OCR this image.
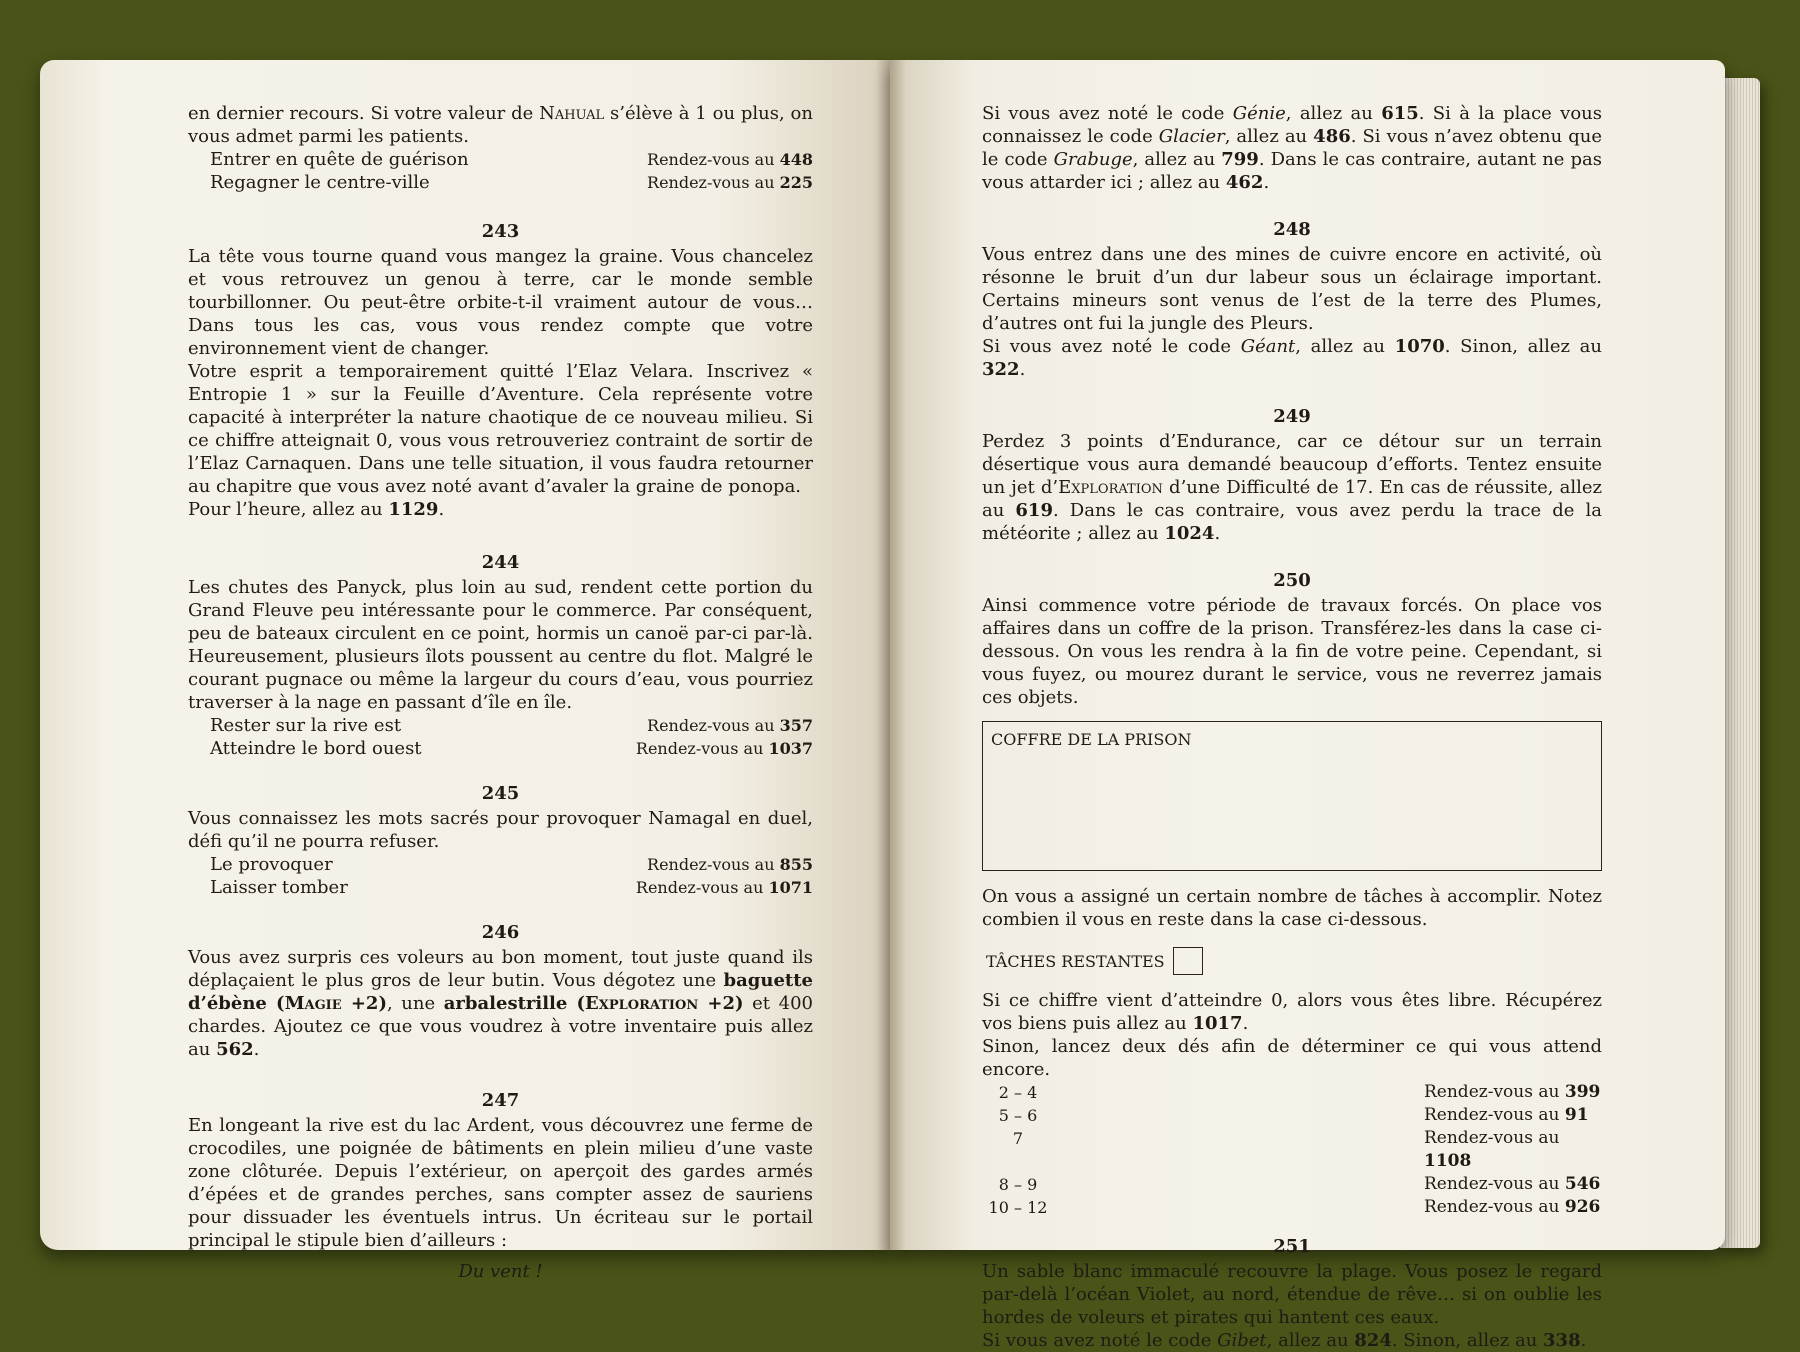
en dernier recours. Si votre valeur de Nahual s’élève à 1 ou plus, on vous admet parmi les patients.

Entrer en quête de guérison	Rendez-vous au 448
Regagner le centre-ville	Rendez-vous au 225
243

La tête vous tourne quand vous mangez la graine. Vous chancelez et vous retrouvez un genou à terre, car le monde semble tourbillonner. Ou peut-être orbite-t-il vraiment autour de vous… Dans tous les cas, vous vous rendez compte que votre environnement vient de changer.

Votre esprit a temporairement quitté l’Elaz Velara. Inscrivez « Entropie 1 » sur la Feuille d’Aventure. Cela représente votre capacité à interpréter la nature chaotique de ce nouveau milieu. Si ce chiffre atteignait 0, vous vous retrouveriez contraint de sortir de l’Elaz Carnaquen. Dans une telle situation, il vous faudra retourner au chapitre que vous avez noté avant d’avaler la graine de ponopa.

Pour l’heure, allez au 1129.

244

Les chutes des Panyck, plus loin au sud, rendent cette portion du Grand Fleuve peu intéressante pour le commerce. Par conséquent, peu de bateaux circulent en ce point, hormis un canoë par-ci par-là. Heureusement, plusieurs îlots poussent au centre du flot. Malgré le courant pugnace ou même la largeur du cours d’eau, vous pourriez traverser à la nage en passant d’île en île.

Rester sur la rive est	Rendez-vous au 357
Atteindre le bord ouest	Rendez-vous au 1037
245

Vous connaissez les mots sacrés pour provoquer Namagal en duel, défi qu’il ne pourra refuser.

Le provoquer	Rendez-vous au 855
Laisser tomber	Rendez-vous au 1071
246

Vous avez surpris ces voleurs au bon moment, tout juste quand ils déplaçaient le plus gros de leur butin. Vous dégotez une baguette d’ébène (Magie +2), une arbalestrille (Exploration +2) et 400 chardes. Ajoutez ce que vous voudrez à votre inventaire puis allez au 562.

247

En longeant la rive est du lac Ardent, vous découvrez une ferme de crocodiles, une poignée de bâtiments en plein milieu d’une vaste zone clôturée. Depuis l’extérieur, on aperçoit des gardes armés d’épées et de grandes perches, sans compter assez de sauriens pour dissuader les éventuels intrus. Un écriteau sur le portail principal le stipule bien d’ailleurs :

Du vent !

Si vous avez noté le code Génie, allez au 615. Si à la place vous connaissez le code Glacier, allez au 486. Si vous n’avez obtenu que le code Grabuge, allez au 799. Dans le cas contraire, autant ne pas vous attarder ici ; allez au 462.

248

Vous entrez dans une des mines de cuivre encore en activité, où résonne le bruit d’un dur labeur sous un éclairage important. Certains mineurs sont venus de l’est de la terre des Plumes, d’autres ont fui la jungle des Pleurs.

Si vous avez noté le code Géant, allez au 1070. Sinon, allez au 322.

249

Perdez 3 points d’Endurance, car ce détour sur un terrain désertique vous aura demandé beaucoup d’efforts. Tentez ensuite un jet d’Exploration d’une Difficulté de 17. En cas de réussite, allez au 619. Dans le cas contraire, vous avez perdu la trace de la météorite ; allez au 1024.

250

Ainsi commence votre période de travaux forcés. On place vos affaires dans un coffre de la prison. Transférez-les dans la case ci-dessous. On vous les rendra à la fin de votre peine. Cependant, si vous fuyez, ou mourez durant le service, vous ne reverrez jamais ces objets.

COFFRE DE LA PRISON

On vous a assigné un certain nombre de tâches à accomplir. Notez combien il vous en reste dans la case ci-dessous.

TÂCHES RESTANTES

Si ce chiffre vient d’atteindre 0, alors vous êtes libre. Récupérez vos biens puis allez au 1017.

Sinon, lancez deux dés afin de déterminer ce qui vous attend encore.

2 – 4	Rendez-vous au 399
5 – 6	Rendez-vous au 91
7	Rendez-vous au 1108
8 – 9	Rendez-vous au 546
10 – 12	Rendez-vous au 926
251

Un sable blanc immaculé recouvre la plage. Vous posez le regard par-delà l’océan Violet, au nord, étendue de rêve… si on oublie les hordes de voleurs et pirates qui hantent ces eaux.

Si vous avez noté le code Gibet, allez au 824. Sinon, allez au 338.
